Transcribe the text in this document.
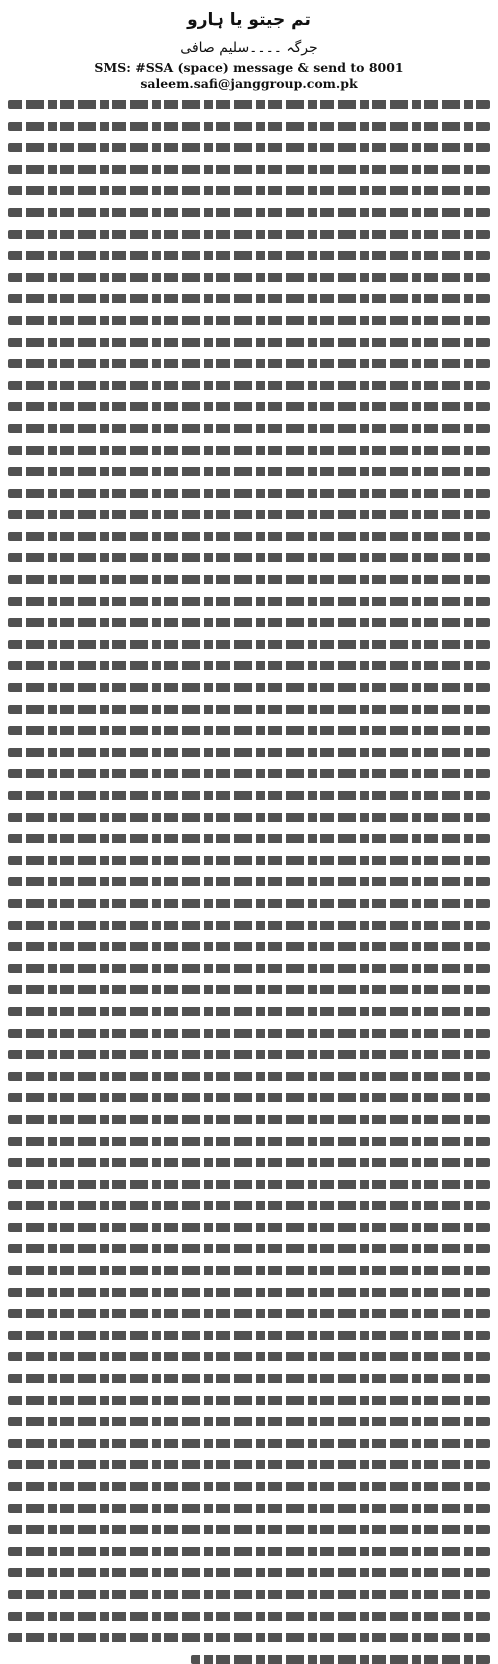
تم جیتو یا ہارو
جرگہ ۔۔۔۔سلیم صافی
SMS: #SSA (space) message & send to 8001
saleem.safi@janggroup.com.pk
